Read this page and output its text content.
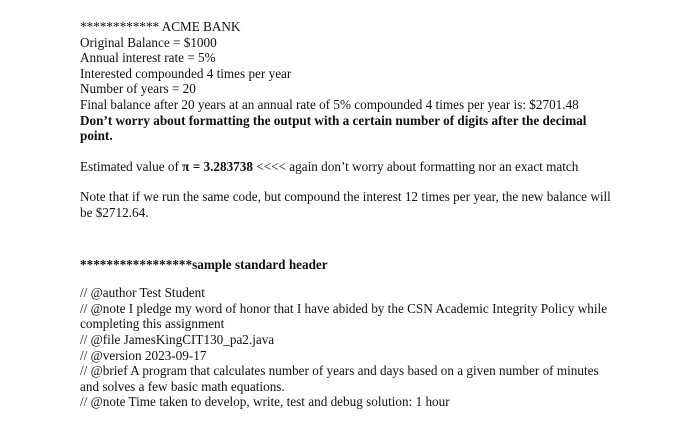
************ ACME BANK
Original Balance = $1000
Annual interest rate = 5%
Interested compounded 4 times per year
Number of years = 20
Final balance after 20 years at an annual rate of 5% compounded 4 times per year is: $2701.48
Don’t worry about formatting the output with a certain number of digits after the decimal point.
Estimated value of π = 3.283738 <<<< again don’t worry about formatting nor an exact match
Note that if we run the same code, but compound the interest 12 times per year, the new balance will be $2712.64.
*****************sample standard header
// @author Test Student
// @note I pledge my word of honor that I have abided by the CSN Academic Integrity Policy while completing this assignment
// @file JamesKingCIT130_pa2.java
// @version 2023-09-17
// @brief A program that calculates number of years and days based on a given number of minutes and solves a few basic math equations.
// @note Time taken to develop, write, test and debug solution: 1 hour
